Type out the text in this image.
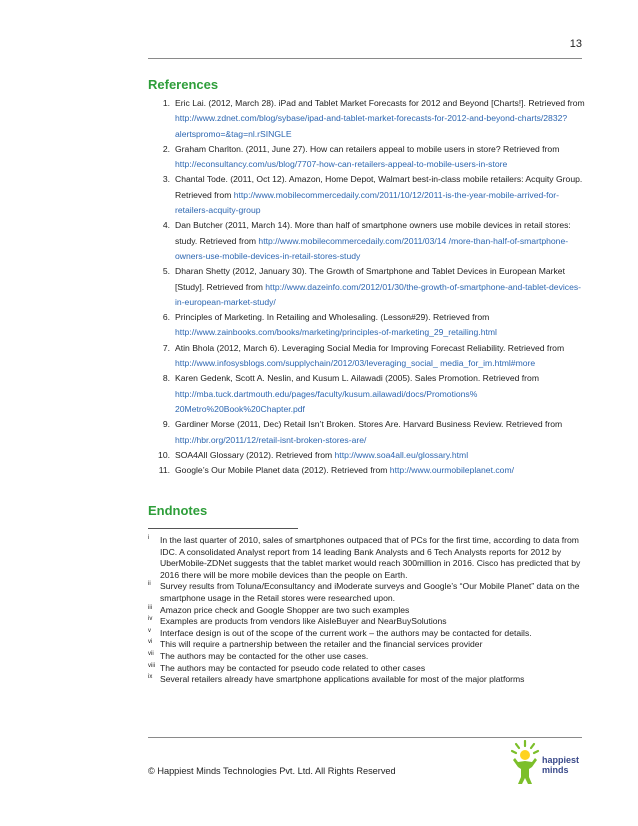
13
References
1. Eric Lai. (2012, March 28). iPad and Tablet Market Forecasts for 2012 and Beyond [Charts!]. Retrieved from http://www.zdnet.com/blog/sybase/ipad-and-tablet-market-forecasts-for-2012-and-beyond-charts/2832?alertspromo=&tag=nl.rSINGLE
2. Graham Charlton. (2011, June 27). How can retailers appeal to mobile users in store? Retrieved from http://econsultancy.com/us/blog/7707-how-can-retailers-appeal-to-mobile-users-in-store
3. Chantal Tode. (2011, Oct 12). Amazon, Home Depot, Walmart best-in-class mobile retailers: Acquity Group. Retrieved from http://www.mobilecommercedaily.com/2011/10/12/2011-is-the-year-mobile-arrived-for-retailers-acquity-group
4. Dan Butcher (2011, March 14). More than half of smartphone owners use mobile devices in retail stores: study. Retrieved from http://www.mobilecommercedaily.com/2011/03/14 /more-than-half-of-smartphone-owners-use-mobile-devices-in-retail-stores-study
5. Dharan Shetty (2012, January 30). The Growth of Smartphone and Tablet Devices in European Market [Study]. Retrieved from http://www.dazeinfo.com/2012/01/30/the-growth-of-smartphone-and-tablet-devices-in-european-market-study/
6. Principles of Marketing. In Retailing and Wholesaling. (Lesson#29). Retrieved from http://www.zainbooks.com/books/marketing/principles-of-marketing_29_retailing.html
7. Atin Bhola (2012, March 6). Leveraging Social Media for Improving Forecast Reliability. Retrieved from http://www.infosysblogs.com/supplychain/2012/03/leveraging_social_ media_for_im.html#more
8. Karen Gedenk, Scott A. Neslin, and Kusum L. Ailawadi (2005). Sales Promotion. Retrieved from http://mba.tuck.dartmouth.edu/pages/faculty/kusum.ailawadi/docs/Promotions% 20Metro%20Book%20Chapter.pdf
9. Gardiner Morse (2011, Dec) Retail Isn’t Broken. Stores Are. Harvard Business Review. Retrieved from http://hbr.org/2011/12/retail-isnt-broken-stores-are/
10. SOA4All Glossary (2012). Retrieved from http://www.soa4all.eu/glossary.html
11. Google’s Our Mobile Planet data (2012). Retrieved from http://www.ourmobileplanet.com/
Endnotes
i In the last quarter of 2010, sales of smartphones outpaced that of PCs for the first time, according to data from IDC. A consolidated Analyst report from 14 leading Bank Analysts and 6 Tech Analysts reports for 2012 by UberMobile-ZDNet suggests that the tablet market would reach 300million in 2016. Cisco has predicted that by 2016 there will be more mobile devices than the people on Earth.
ii Survey results from Toluna/Econsultancy and iModerate surveys and Google’s “Our Mobile Planet” data on the smartphone usage in the Retail stores were researched upon.
iii Amazon price check and Google Shopper are two such examples
iv Examples are products from vendors like AisleBuyer and NearBuySolutions
v Interface design is out of the scope of the current work – the authors may be contacted for details.
vi This will require a partnership between the retailer and the financial services provider
vii The authors may be contacted for the other use cases.
viii The authors may be contacted for pseudo code related to other cases
ix Several retailers already have smartphone applications available for most of the major platforms
© Happiest Minds Technologies Pvt. Ltd. All Rights Reserved
happiest minds
